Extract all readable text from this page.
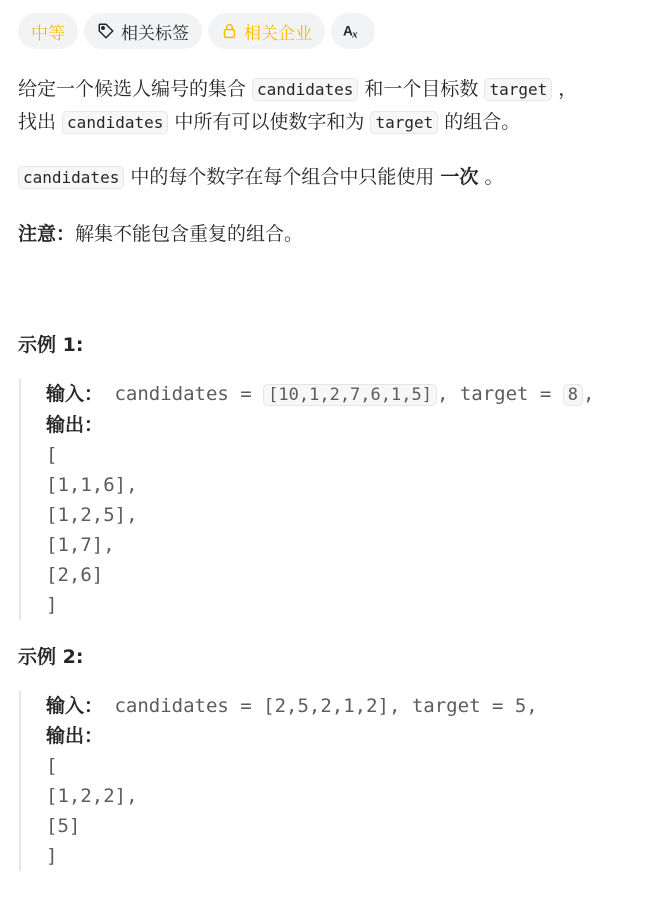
中等	相关标签	相关企业 A x

给定一个候选人编号的集合 candidates 和一个目标数 target ，

找出 candidates 中所有可以使数字和为 target 的组合。

candidates 中的每个数字在每个组合中只能使用 一次 。

注意：解集不能包含重复的组合。

示例 1:

输入： candidates = [10,1,2,7,6,1,5] , target = 8 ,
输出：
[
[1,1,6],
[1,2,5],
[1,7],
[2,6]
]

示例 2:

输入： candidates = [2,5,2,1,2], target = 5,
输出：
[
[1,2,2],
[5]
]
